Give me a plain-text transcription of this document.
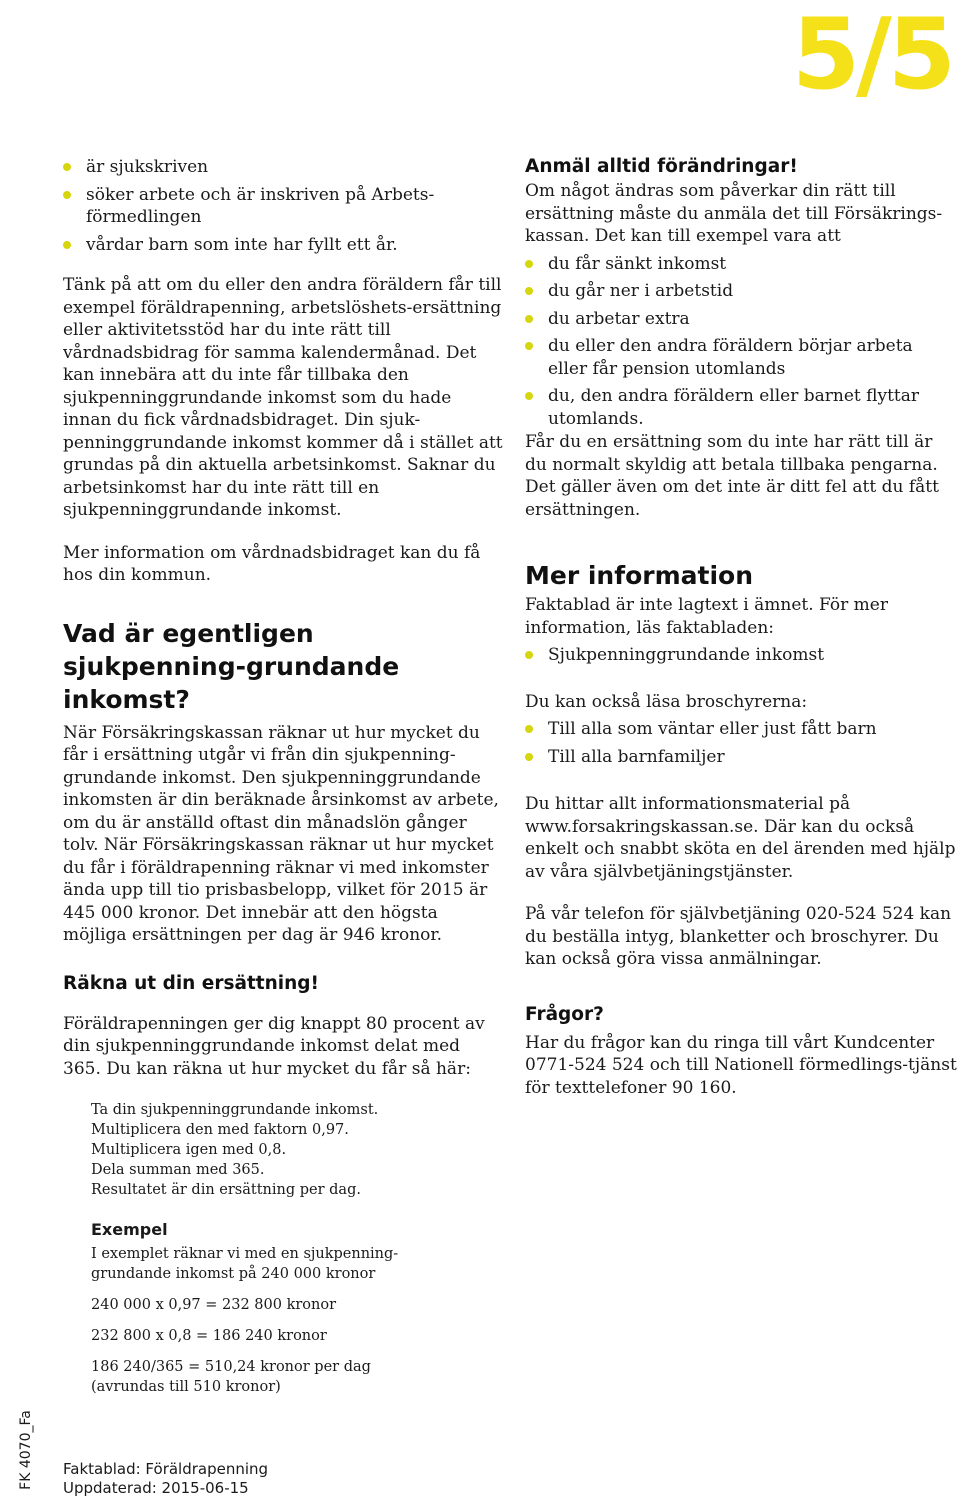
5/5
är sjukskriven
söker arbete och är inskriven på Arbets-
förmedlingen
vårdar barn som inte har fyllt ett år.

Tänk på att om du eller den andra föräldern får till exempel föräldrapenning, arbetslöshets-ersättning eller aktivitetsstöd har du inte rätt till vårdnadsbidrag för samma kalendermånad. Det kan innebära att du inte får tillbaka den sjukpenninggrundande inkomst som du hade innan du fick vårdnadsbidraget. Din sjuk-penninggrundande inkomst kommer då i stället att grundas på din aktuella arbetsinkomst. Saknar du arbetsinkomst har du inte rätt till en sjukpenninggrundande inkomst.

Mer information om vårdnadsbidraget kan du få hos din kommun.

Vad är egentligen sjukpenning-grundande inkomst?

När Försäkringskassan räknar ut hur mycket du får i ersättning utgår vi från din sjukpenning-grundande inkomst. Den sjukpenninggrundande inkomsten är din beräknade årsinkomst av arbete, om du är anställd oftast din månadslön gånger tolv. När Försäkringskassan räknar ut hur mycket du får i föräldrapenning räknar vi med inkomster ända upp till tio prisbasbelopp, vilket för 2015 är 445 000 kronor. Det innebär att den högsta möjliga ersättningen per dag är 946 kronor.

Räkna ut din ersättning!

Föräldrapenningen ger dig knappt 80 procent av din sjukpenninggrundande inkomst delat med 365. Du kan räkna ut hur mycket du får så här:

Ta din sjukpenninggrundande inkomst.
Multiplicera den med faktorn 0,97.
Multiplicera igen med 0,8.
Dela summan med 365.
Resultatet är din ersättning per dag.
Exempel

I exemplet räknar vi med en sjukpenning-
grundande inkomst på 240 000 kronor

240 000 x 0,97 = 232 800 kronor

232 800 x 0,8 = 186 240 kronor

186 240/365 = 510,24 kronor per dag
(avrundas till 510 kronor)

Anmäl alltid förändringar!

Om något ändras som påverkar din rätt till ersättning måste du anmäla det till Försäkrings-kassan. Det kan till exempel vara att

du får sänkt inkomst
du går ner i arbetstid
du arbetar extra
du eller den andra föräldern börjar arbeta eller får pension utomlands
du, den andra föräldern eller barnet flyttar utomlands.

Får du en ersättning som du inte har rätt till är du normalt skyldig att betala tillbaka pengarna. Det gäller även om det inte är ditt fel att du fått ersättningen.

Mer information

Faktablad är inte lagtext i ämnet. För mer information, läs faktabladen:

Sjukpenninggrundande inkomst

Du kan också läsa broschyrerna:

Till alla som väntar eller just fått barn
Till alla barnfamiljer

Du hittar allt informationsmaterial på www.forsakringskassan.se. Där kan du också enkelt och snabbt sköta en del ärenden med hjälp av våra självbetjäningstjänster.

På vår telefon för självbetjäning 020-524 524 kan du beställa intyg, blanketter och broschyrer. Du kan också göra vissa anmälningar.

Frågor?

Har du frågor kan du ringa till vårt Kundcenter 0771-524 524 och till Nationell förmedlings-tjänst för texttelefoner 90 160.

Faktablad: Föräldrapenning
Uppdaterad: 2015-06-15
FK 4070_Fa
